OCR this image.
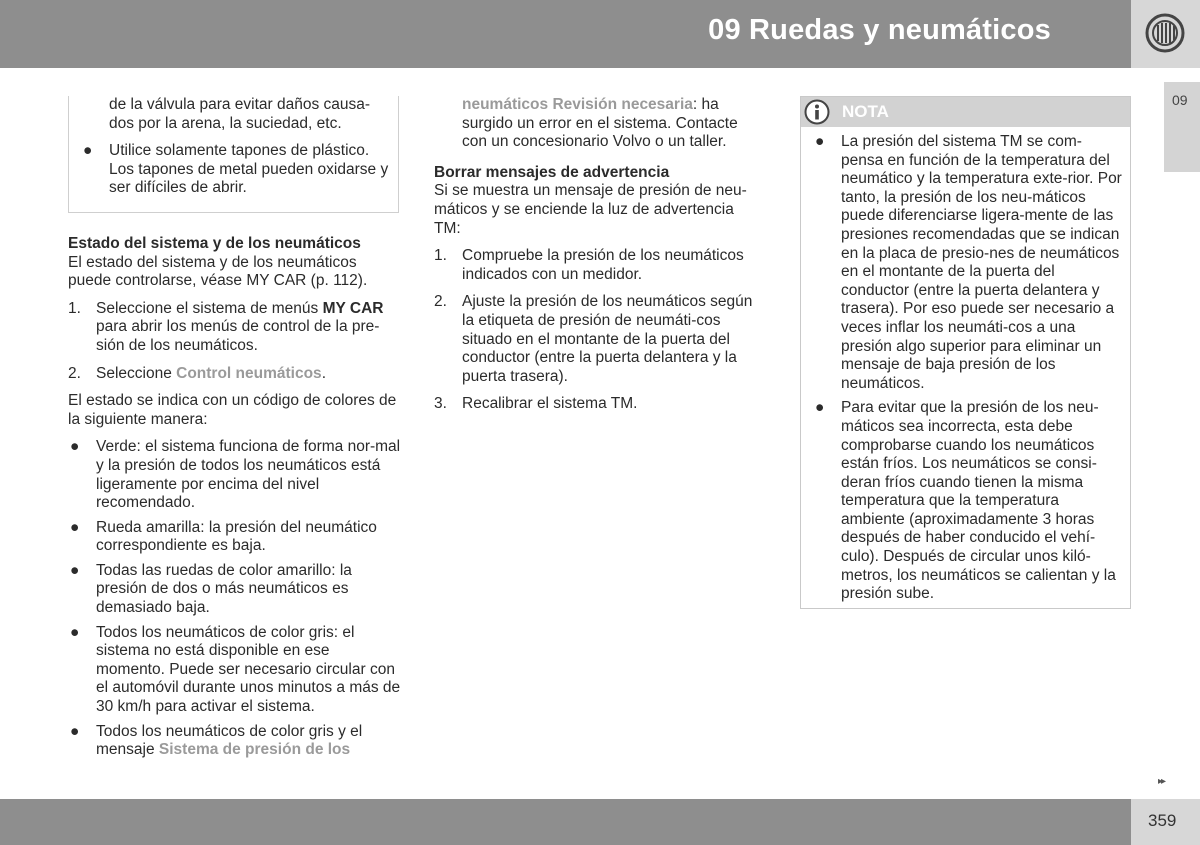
09 Ruedas y neumáticos
09
de la válvula para evitar daños causa-dos por la arena, la suciedad, etc.
● Utilice solamente tapones de plástico. Los tapones de metal pueden oxidarse y ser difíciles de abrir.
Estado del sistema y de los neumáticos
El estado del sistema y de los neumáticos puede controlarse, véase MY CAR (p. 112).
1. Seleccione el sistema de menús MY CAR para abrir los menús de control de la pre-sión de los neumáticos.
2. Seleccione Control neumáticos.
El estado se indica con un código de colores de la siguiente manera:
● Verde: el sistema funciona de forma nor-mal y la presión de todos los neumáticos está ligeramente por encima del nivel recomendado.
● Rueda amarilla: la presión del neumático correspondiente es baja.
● Todas las ruedas de color amarillo: la presión de dos o más neumáticos es demasiado baja.
● Todos los neumáticos de color gris: el sistema no está disponible en ese momento. Puede ser necesario circular con el automóvil durante unos minutos a más de 30 km/h para activar el sistema.
● Todos los neumáticos de color gris y el mensaje Sistema de presión de los
neumáticos Revisión necesaria: ha surgido un error en el sistema. Contacte con un concesionario Volvo o un taller.
Borrar mensajes de advertencia
Si se muestra un mensaje de presión de neu-máticos y se enciende la luz de advertencia TM:
1. Compruebe la presión de los neumáticos indicados con un medidor.
2. Ajuste la presión de los neumáticos según la etiqueta de presión de neumáti-cos situado en el montante de la puerta del conductor (entre la puerta delantera y la puerta trasera).
3. Recalibrar el sistema TM.
NOTA
● La presión del sistema TM se com-pensa en función de la temperatura del neumático y la temperatura exte-rior. Por tanto, la presión de los neu-máticos puede diferenciarse ligera-mente de las presiones recomendadas que se indican en la placa de presio-nes de neumáticos en el montante de la puerta del conductor (entre la puerta delantera y trasera). Por eso puede ser necesario a veces inflar los neumáti-cos a una presión algo superior para eliminar un mensaje de baja presión de los neumáticos.
● Para evitar que la presión de los neu-máticos sea incorrecta, esta debe comprobarse cuando los neumáticos están fríos. Los neumáticos se consi-deran fríos cuando tienen la misma temperatura que la temperatura ambiente (aproximadamente 3 horas después de haber conducido el vehí-culo). Después de circular unos kiló-metros, los neumáticos se calientan y la presión sube.
▸▸
359
